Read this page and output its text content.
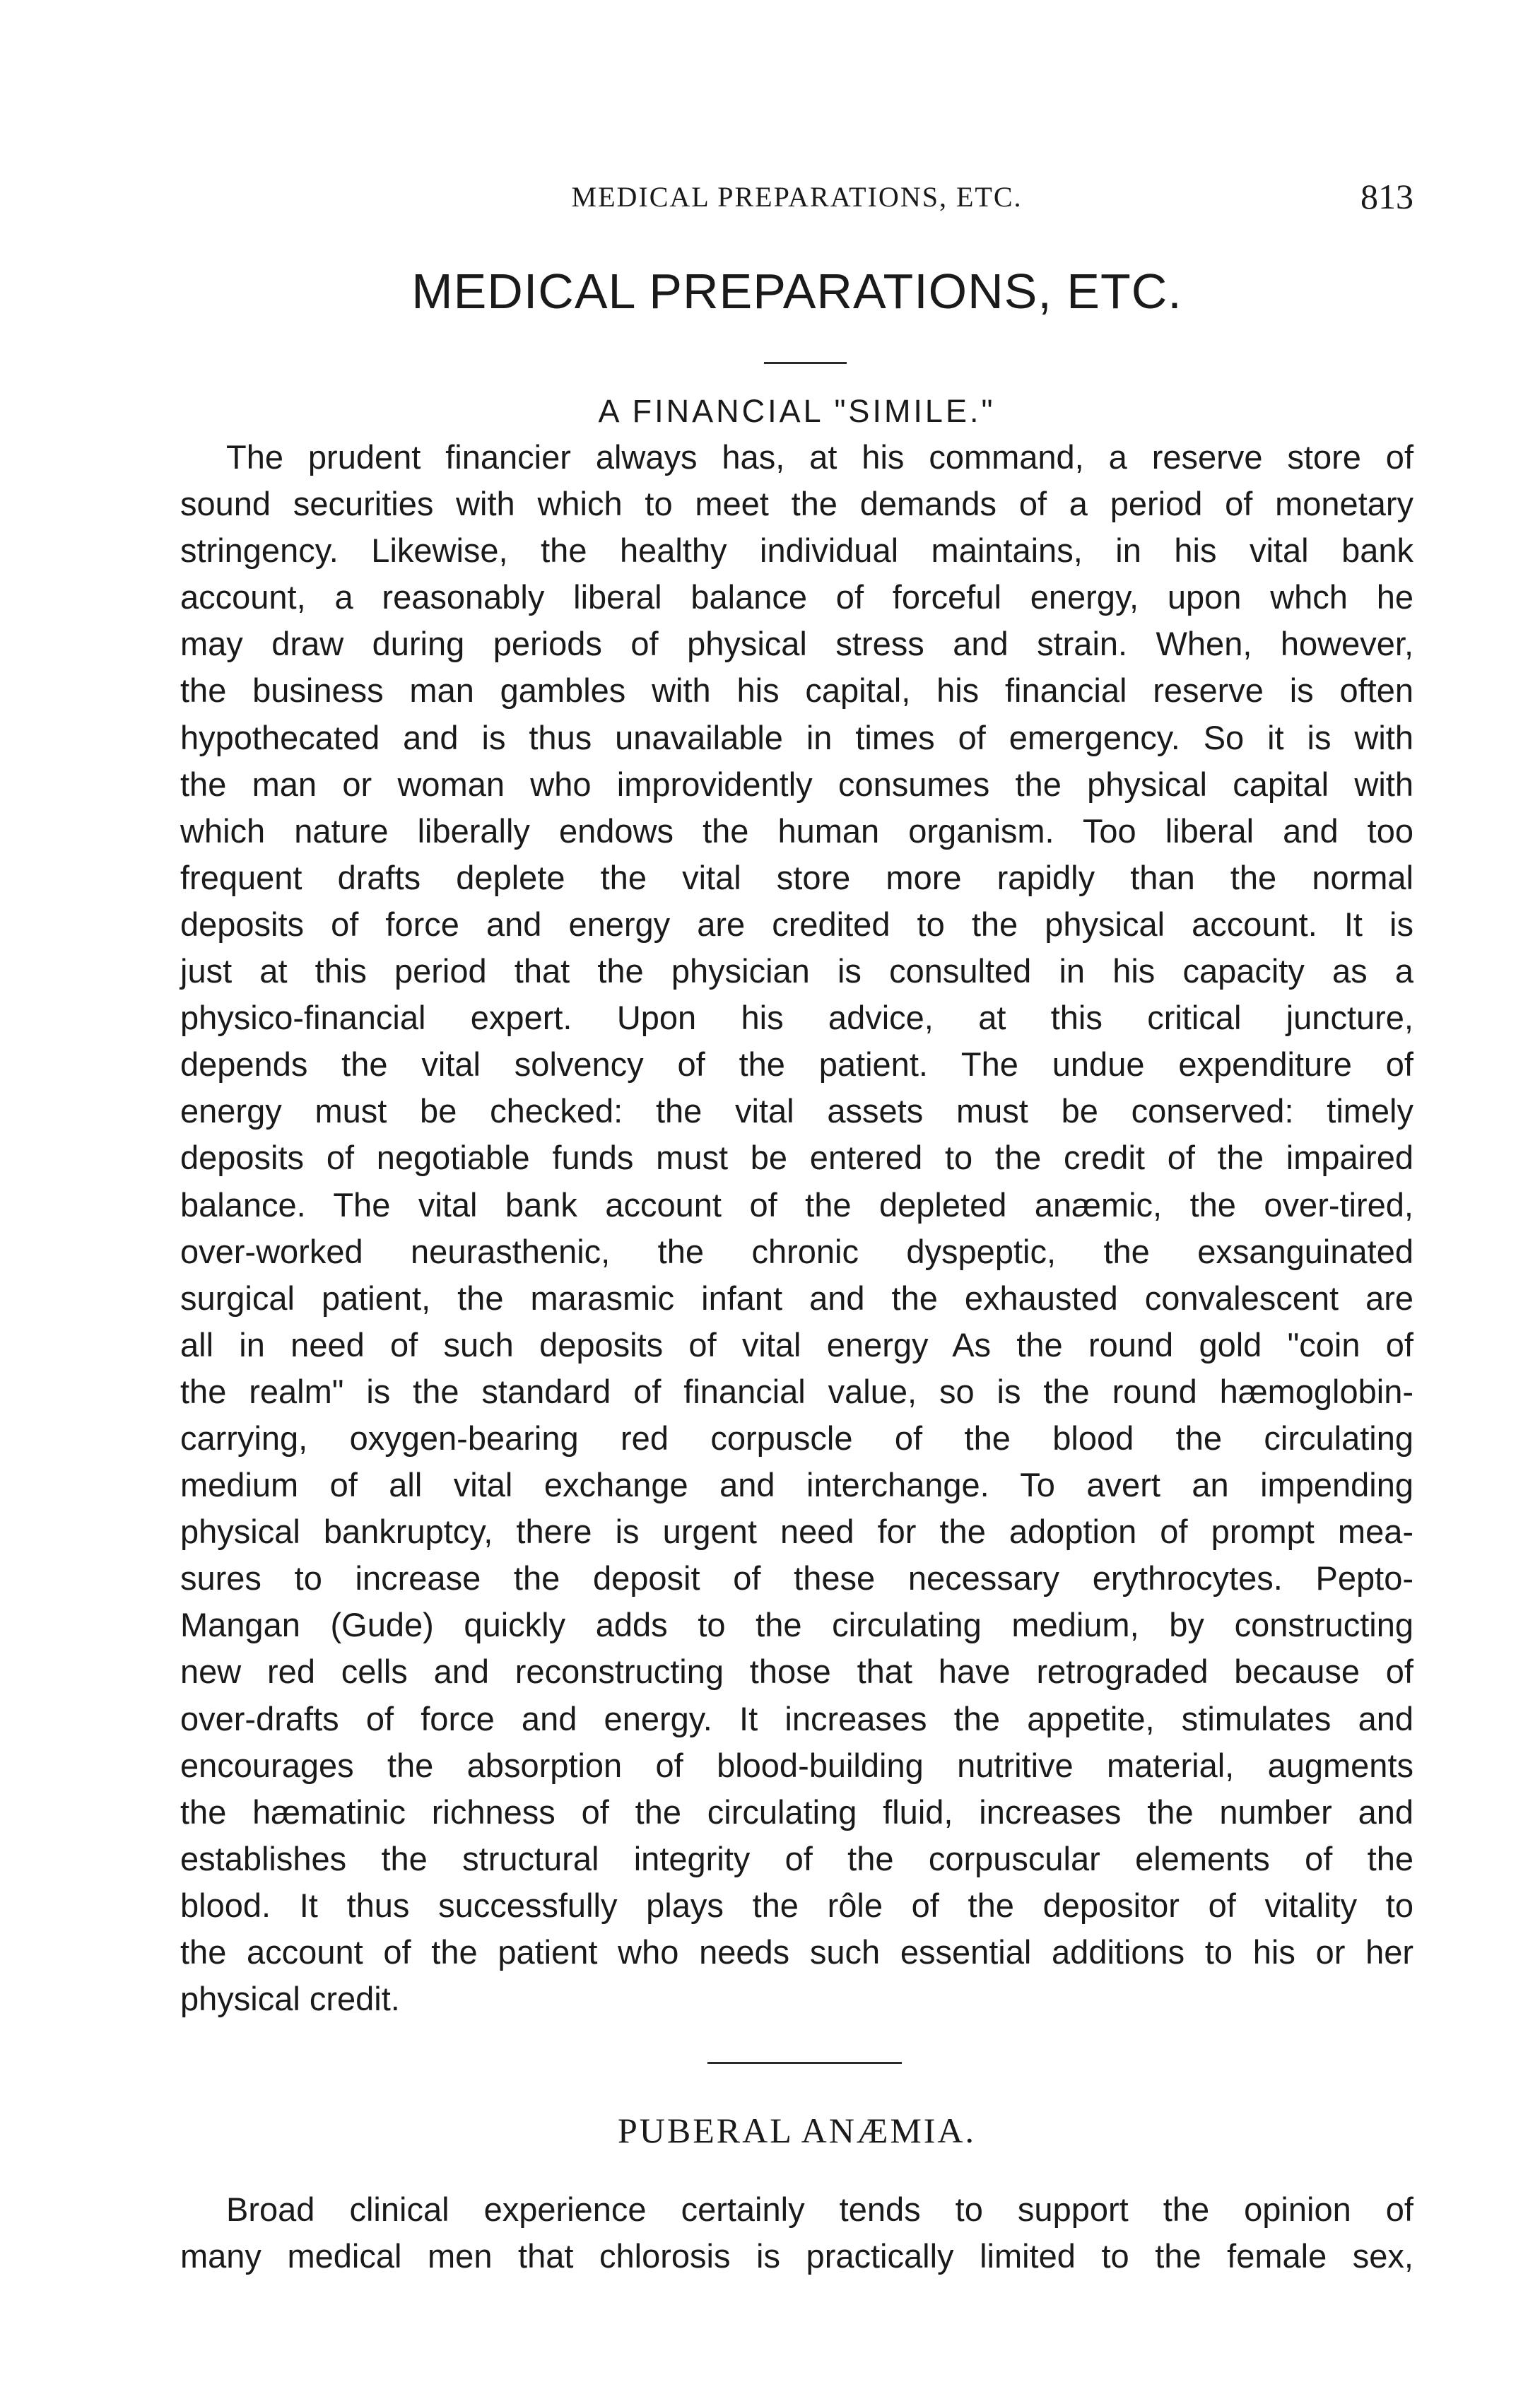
MEDICAL PREPARATIONS, ETC.	813
MEDICAL PREPARATIONS, ETC.
A FINANCIAL "SIMILE."
The prudent financier always has, at his command, a reserve store of
sound securities with which to meet the demands of a period of monetary
stringency. Likewise, the healthy individual maintains, in his vital bank
account, a reasonably liberal balance of forceful energy, upon whch he
may draw during periods of physical stress and strain. When, however,
the business man gambles with his capital, his financial reserve is often
hypothecated and is thus unavailable in times of emergency. So it is with
the man or woman who improvidently consumes the physical capital with
which nature liberally endows the human organism. Too liberal and too
frequent drafts deplete the vital store more rapidly than the normal
deposits of force and energy are credited to the physical account. It is
just at this period that the physician is consulted in his capacity as a
physico-financial expert. Upon his advice, at this critical juncture,
depends the vital solvency of the patient. The undue expenditure of
energy must be checked: the vital assets must be conserved: timely
deposits of negotiable funds must be entered to the credit of the impaired
balance. The vital bank account of the depleted anæmic, the over-tired,
over-worked neurasthenic, the chronic dyspeptic, the exsanguinated
surgical patient, the marasmic infant and the exhausted convalescent are
all in need of such deposits of vital energy As the round gold "coin of
the realm" is the standard of financial value, so is the round hæmoglobin-
carrying, oxygen-bearing red corpuscle of the blood the circulating
medium of all vital exchange and interchange. To avert an impending
physical bankruptcy, there is urgent need for the adoption of prompt mea-
sures to increase the deposit of these necessary erythrocytes. Pepto-
Mangan (Gude) quickly adds to the circulating medium, by constructing
new red cells and reconstructing those that have retrograded because of
over-drafts of force and energy. It increases the appetite, stimulates and
encourages the absorption of blood-building nutritive material, augments
the hæmatinic richness of the circulating fluid, increases the number and
establishes the structural integrity of the corpuscular elements of the
blood. It thus successfully plays the rôle of the depositor of vitality to
the account of the patient who needs such essential additions to his or her
physical credit.
PUBERAL ANÆMIA.
Broad clinical experience certainly tends to support the opinion of
many medical men that chlorosis is practically limited to the female sex,
